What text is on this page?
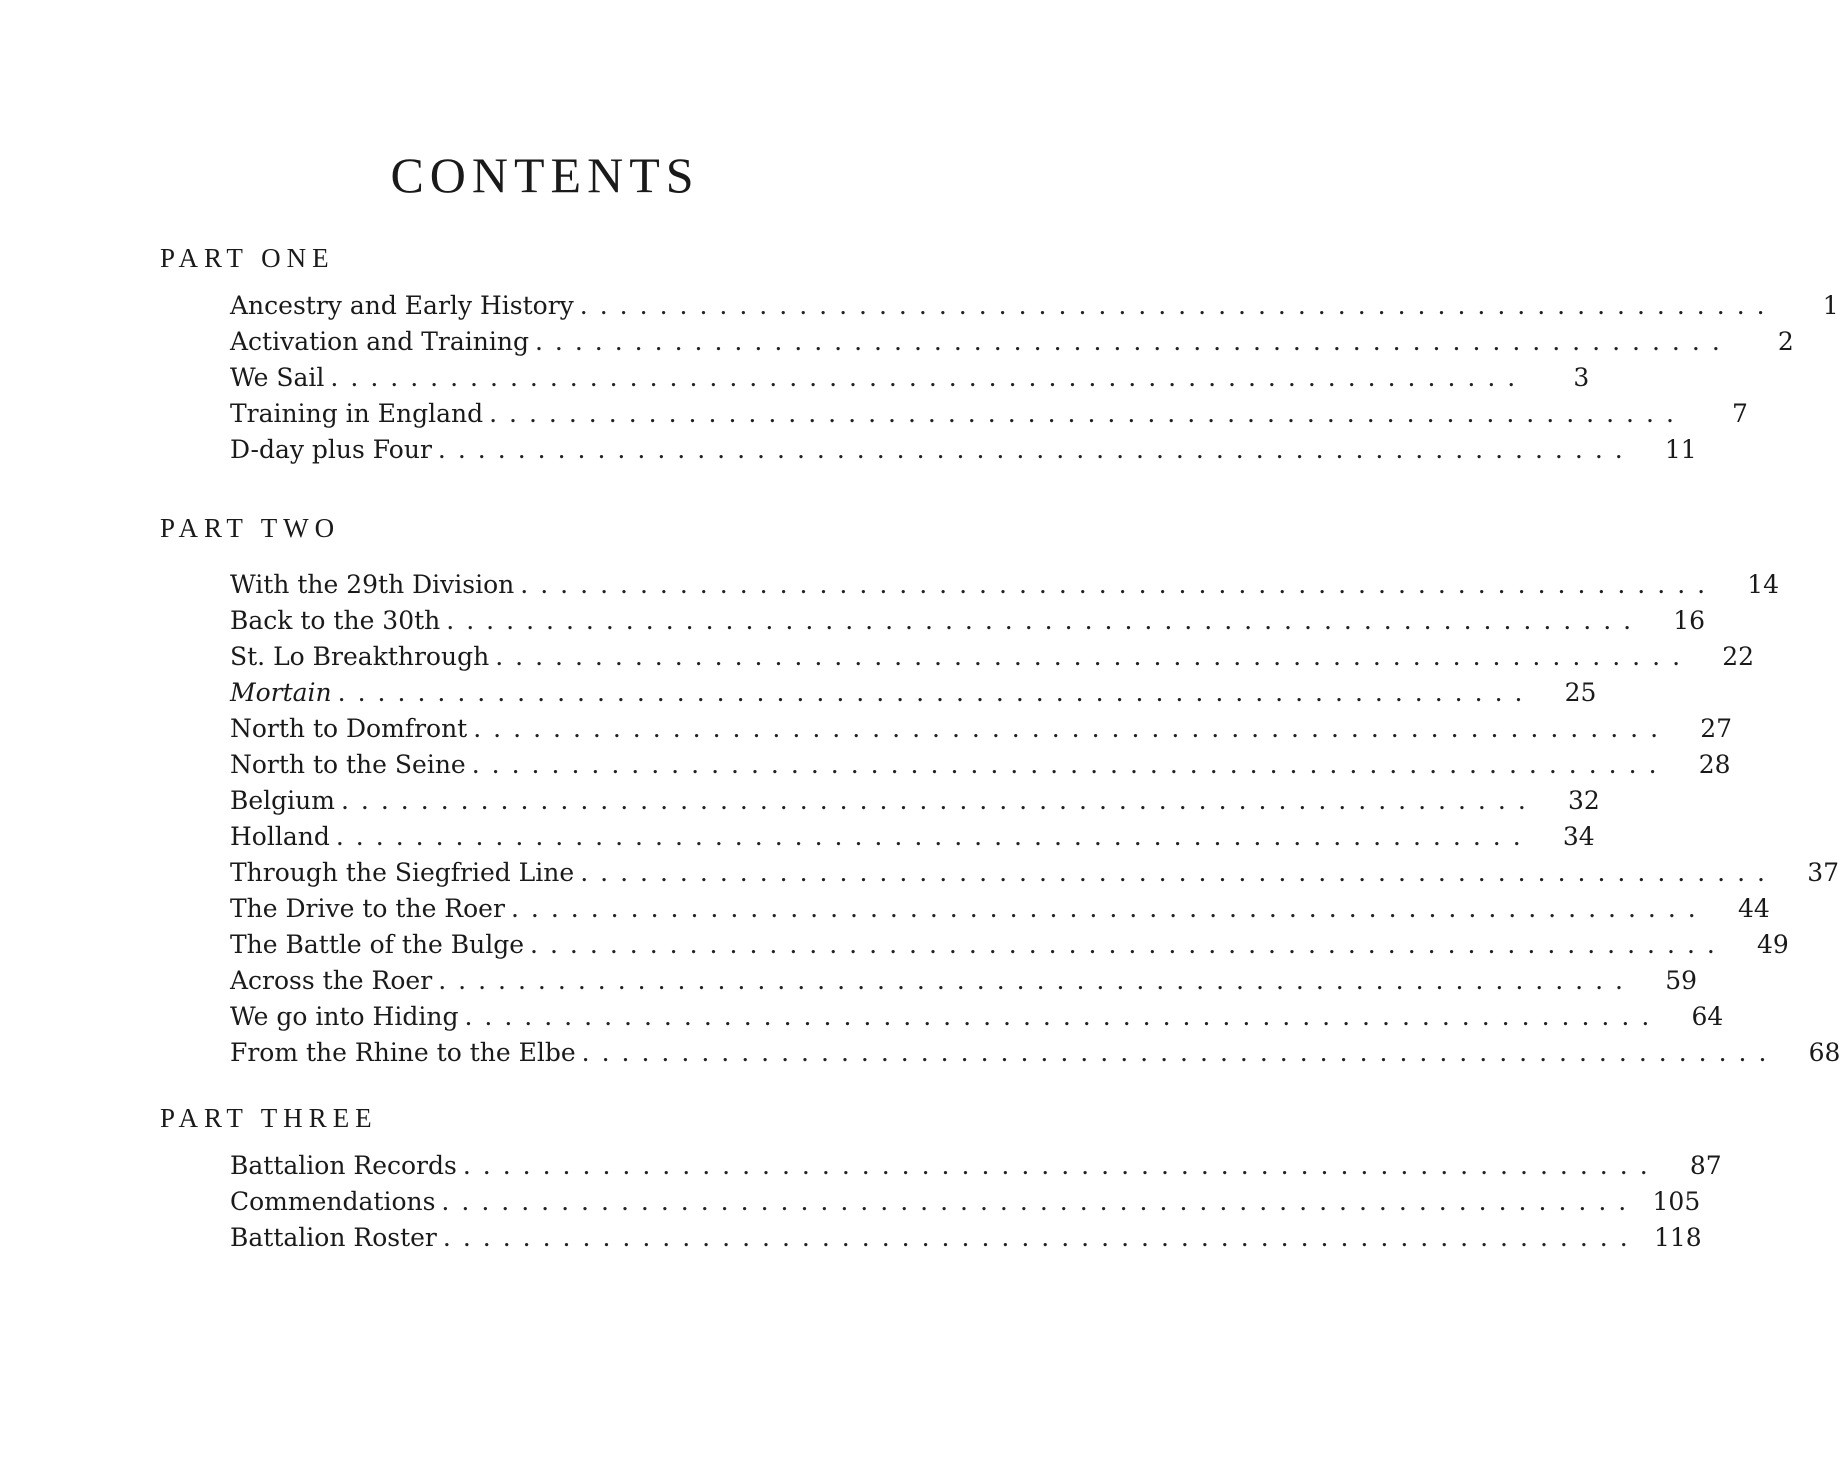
CONTENTS
PART ONE
Ancestry and Early History ............................................................	1
Activation and Training ............................................................	2
We Sail ............................................................	3
Training in England ............................................................	7
D-day plus Four ............................................................	11
PART TWO
With the 29th Division ............................................................	14
Back to the 30th ............................................................	16
St. Lo Breakthrough ............................................................	22
Mortain ............................................................	25
North to Domfront ............................................................	27
North to the Seine ............................................................	28
Belgium ............................................................	32
Holland ............................................................	34
Through the Siegfried Line ............................................................	37
The Drive to the Roer ............................................................	44
The Battle of the Bulge ............................................................	49
Across the Roer ............................................................	59
We go into Hiding ............................................................	64
From the Rhine to the Elbe ............................................................	68
PART THREE
Battalion Records ............................................................	87
Commendations ............................................................ 105
Battalion Roster ............................................................ 118
